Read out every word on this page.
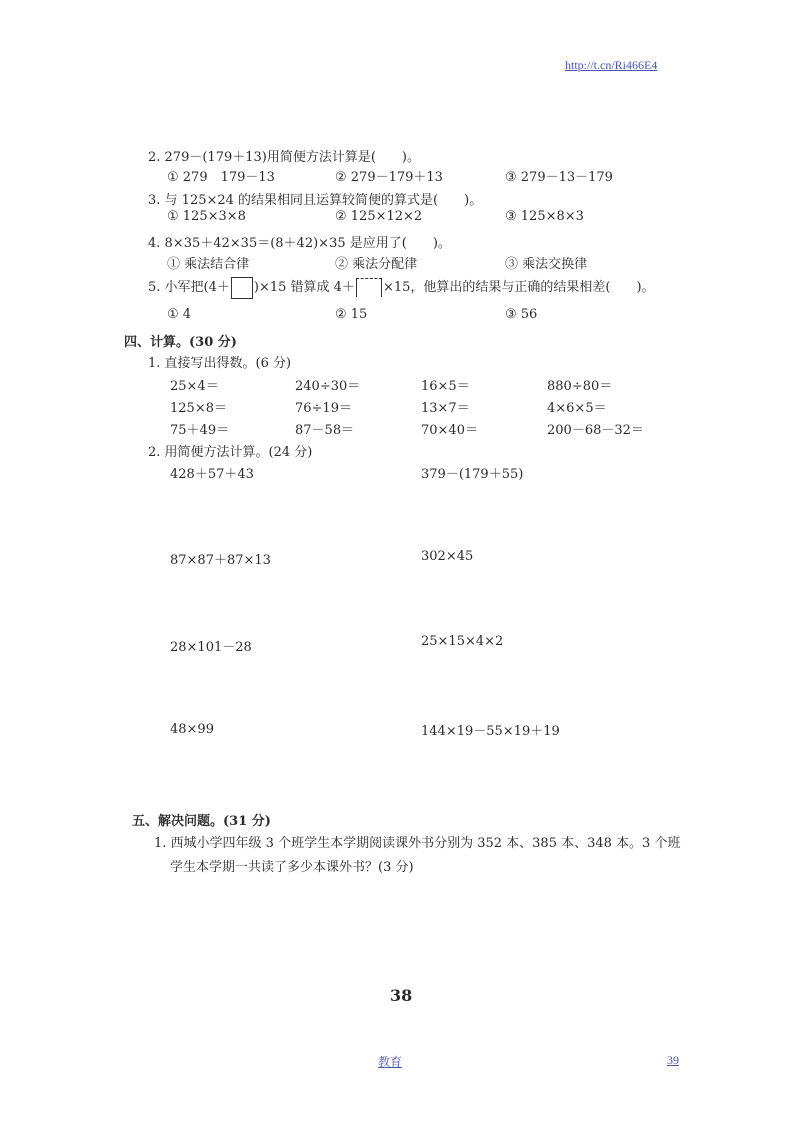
http://t.cn/Ri466E4
2. 279－(179＋13)用简便方法计算是(　　)。
① 279　179－13	② 279－179＋13	③ 279－13－179
3. 与 125×24 的结果相同且运算较简便的算式是(　　)。
① 125×3×8	② 125×12×2	③ 125×8×3
4. 8×35＋42×35＝(8＋42)×35 是应用了(　　)。
① 乘法结合律	② 乘法分配律	③ 乘法交换律
5. 小军把(4＋ )×15 错算成 4＋ ×15，他算出的结果与正确的结果相差(　　)。
① 4	② 15	③ 56
四、计算。(30 分)
1. 直接写出得数。(6 分)
25×4＝	240÷30＝	16×5＝	880÷80＝
125×8＝	76÷19＝	13×7＝	4×6×5＝
75＋49＝	87－58＝	70×40＝	200－68－32＝
2. 用简便方法计算。(24 分)
428＋57＋43	379－(179＋55)
87×87＋87×13	302×45
28×101－28	25×15×4×2
48×99	144×19－55×19＋19
五、解决问题。(31 分)
1. 西城小学四年级 3 个班学生本学期阅读课外书分别为 352 本、385 本、348 本。3 个班
学生本学期一共读了多少本课外书？(3 分)
38
教育	39
